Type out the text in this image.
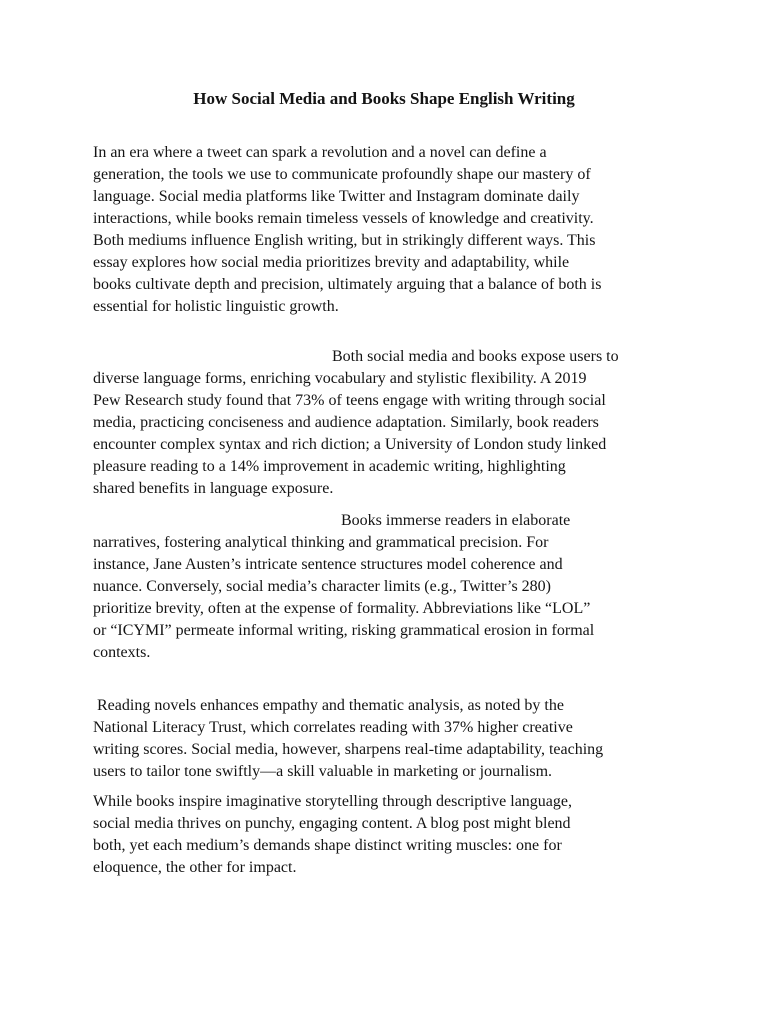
How Social Media and Books Shape English Writing

In an era where a tweet can spark a revolution and a novel can define a
generation, the tools we use to communicate profoundly shape our mastery of
language. Social media platforms like Twitter and Instagram dominate daily
interactions, while books remain timeless vessels of knowledge and creativity.
Both mediums influence English writing, but in strikingly different ways. This
essay explores how social media prioritizes brevity and adaptability, while
books cultivate depth and precision, ultimately arguing that a balance of both is
essential for holistic linguistic growth.

Both social media and books expose users to
diverse language forms, enriching vocabulary and stylistic flexibility. A 2019
Pew Research study found that 73% of teens engage with writing through social
media, practicing conciseness and audience adaptation. Similarly, book readers
encounter complex syntax and rich diction; a University of London study linked
pleasure reading to a 14% improvement in academic writing, highlighting
shared benefits in language exposure.

Books immerse readers in elaborate
narratives, fostering analytical thinking and grammatical precision. For
instance, Jane Austen’s intricate sentence structures model coherence and
nuance. Conversely, social media’s character limits (e.g., Twitter’s 280)
prioritize brevity, often at the expense of formality. Abbreviations like “LOL”
or “ICYMI” permeate informal writing, risking grammatical erosion in formal
contexts.

Reading novels enhances empathy and thematic analysis, as noted by the
National Literacy Trust, which correlates reading with 37% higher creative
writing scores. Social media, however, sharpens real-time adaptability, teaching
users to tailor tone swiftly—a skill valuable in marketing or journalism.

While books inspire imaginative storytelling through descriptive language,
social media thrives on punchy, engaging content. A blog post might blend
both, yet each medium’s demands shape distinct writing muscles: one for
eloquence, the other for impact.
